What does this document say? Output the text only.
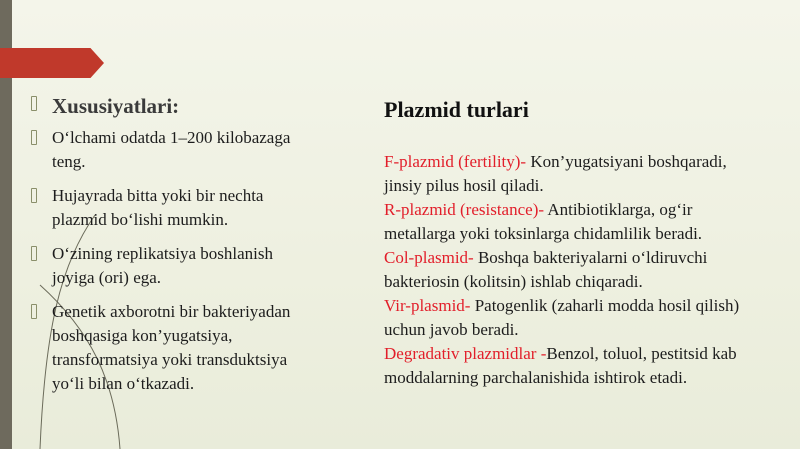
Xususiyatlari:
O‘lchami odatda 1–200 kilobazaga
teng.
Hujayrada bitta yoki bir nechta
plazmid bo‘lishi mumkin.
O‘zining replikatsiya boshlanish
joyiga (ori) ega.
Genetik axborotni bir bakteriyadan
boshqasiga kon’yugatsiya,
transformatsiya yoki transduktsiya
yo‘li bilan o‘tkazadi.
Plazmid turlari
F-plazmid (fertility)- Kon’yugatsiyani boshqaradi,
jinsiy pilus hosil qiladi.
R-plazmid (resistance)- Antibiotiklarga, og‘ir
metallarga yoki toksinlarga chidamlilik beradi.
Col-plasmid- Boshqa bakteriyalarni o‘ldiruvchi
bakteriosin (kolitsin) ishlab chiqaradi.
Vir-plasmid- Patogenlik (zaharli modda hosil qilish)
uchun javob beradi.
Degradativ plazmidlar -Benzol, toluol, pestitsid kab
moddalarning parchalanishida ishtirok etadi.
